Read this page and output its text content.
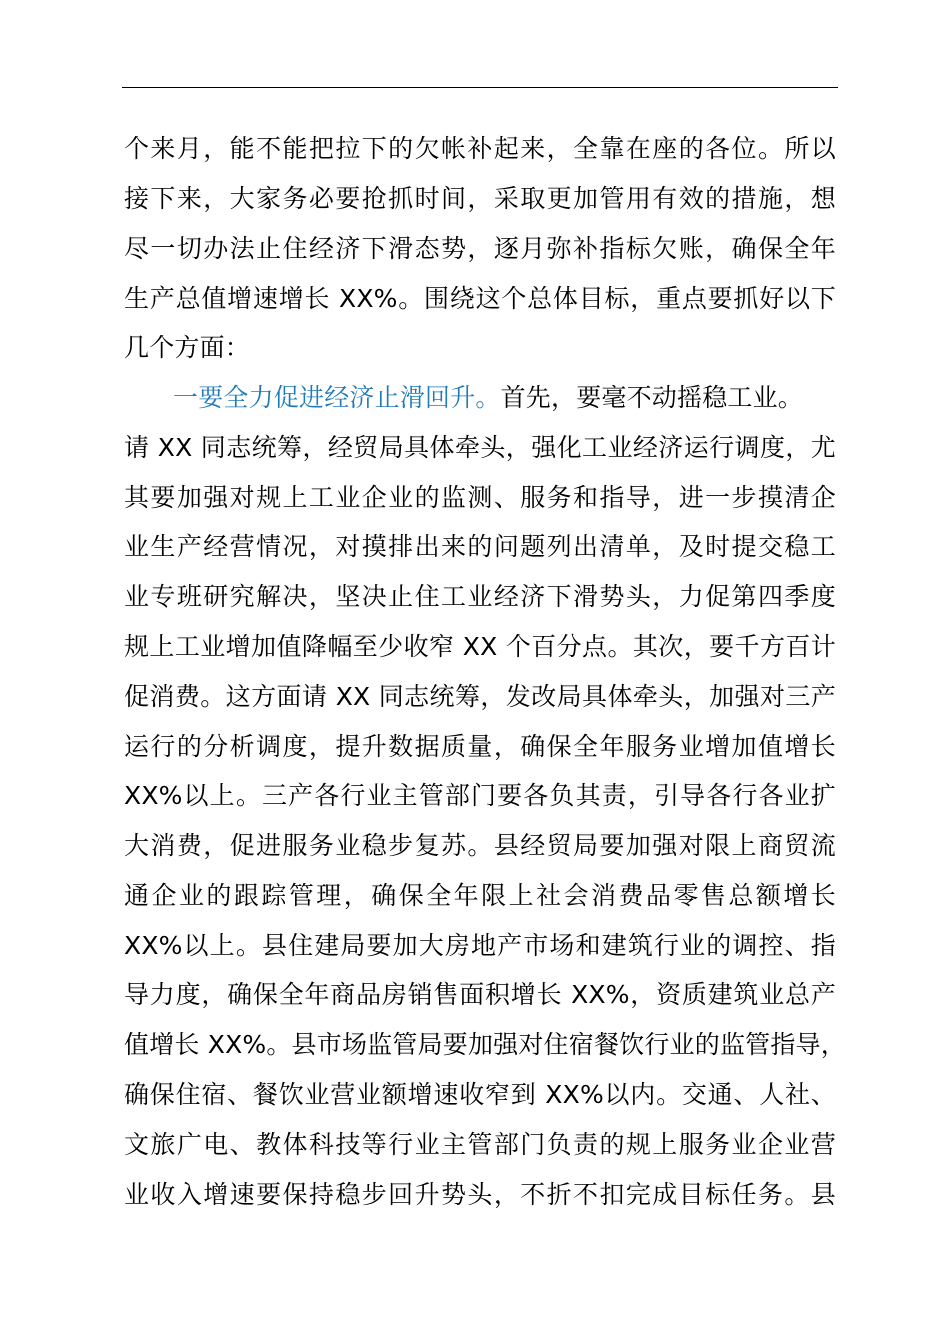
个来月，能不能把拉下的欠帐补起来，全靠在座的各位。所以
接下来，大家务必要抢抓时间，采取更加管用有效的措施，想
尽一切办法止住经济下滑态势，逐月弥补指标欠账，确保全年
生产总值增速增长 XX%。围绕这个总体目标，重点要抓好以下
几个方面：
一要全力促进经济止滑回升。首先，要毫不动摇稳工业。
请 XX 同志统筹，经贸局具体牵头，强化工业经济运行调度，尤
其要加强对规上工业企业的监测、服务和指导，进一步摸清企
业生产经营情况，对摸排出来的问题列出清单，及时提交稳工
业专班研究解决，坚决止住工业经济下滑势头，力促第四季度
规上工业增加值降幅至少收窄 XX 个百分点。其次，要千方百计
促消费。这方面请 XX 同志统筹，发改局具体牵头，加强对三产
运行的分析调度，提升数据质量，确保全年服务业增加值增长
XX%以上。三产各行业主管部门要各负其责，引导各行各业扩
大消费，促进服务业稳步复苏。县经贸局要加强对限上商贸流
通企业的跟踪管理，确保全年限上社会消费品零售总额增长
XX%以上。县住建局要加大房地产市场和建筑行业的调控、指
导力度，确保全年商品房销售面积增长 XX%，资质建筑业总产
值增长 XX%。县市场监管局要加强对住宿餐饮行业的监管指导，
确保住宿、餐饮业营业额增速收窄到 XX%以内。交通、人社、
文旅广电、教体科技等行业主管部门负责的规上服务业企业营
业收入增速要保持稳步回升势头，不折不扣完成目标任务。县
